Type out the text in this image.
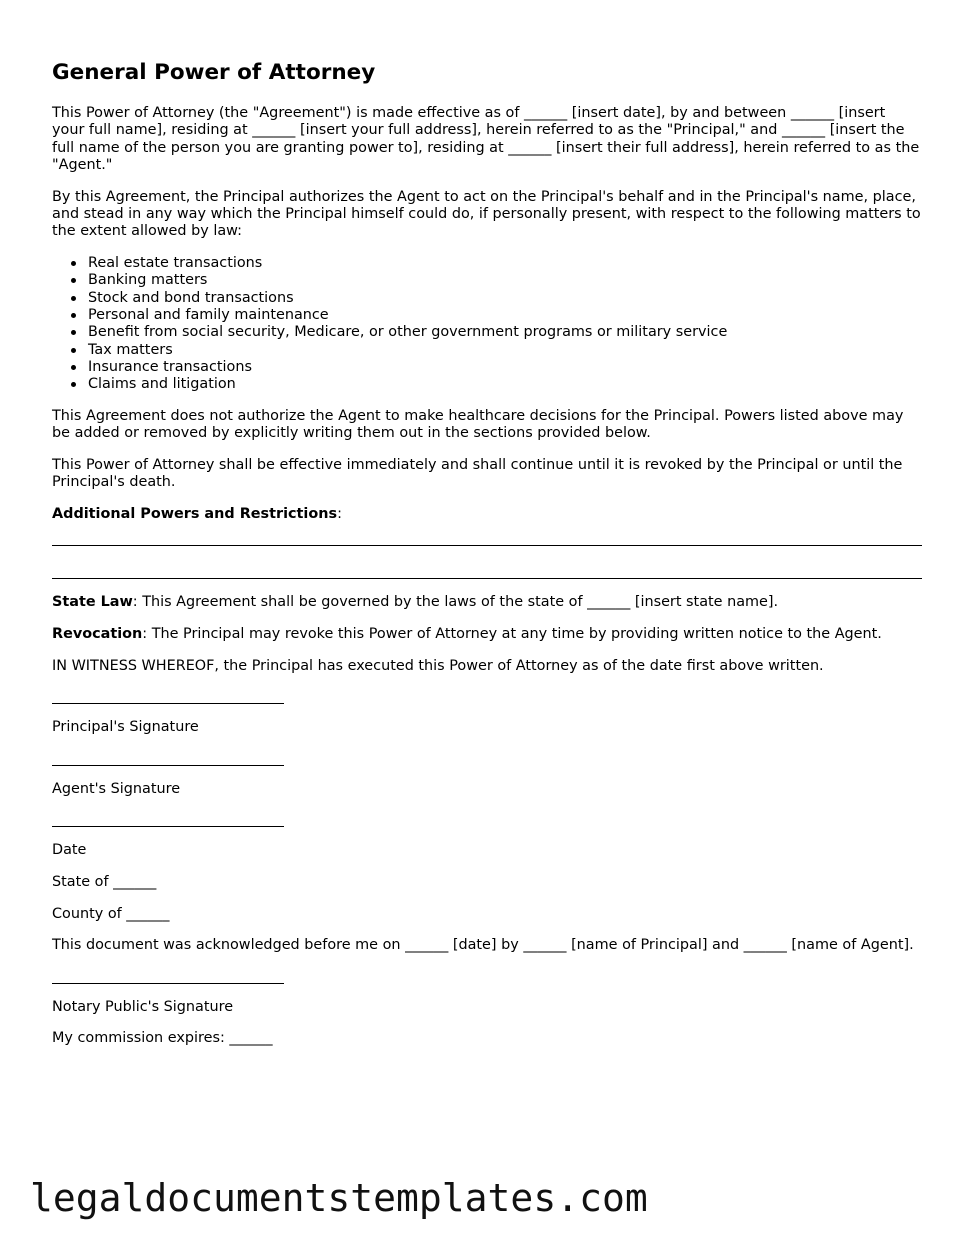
General Power of Attorney

This Power of Attorney (the "Agreement") is made effective as of ______ [insert date], by and between ______ [insert your full name], residing at ______ [insert your full address], herein referred to as the "Principal," and ______ [insert the full name of the person you are granting power to], residing at ______ [insert their full address], herein referred to as the "Agent."

By this Agreement, the Principal authorizes the Agent to act on the Principal's behalf and in the Principal's name, place, and stead in any way which the Principal himself could do, if personally present, with respect to the following matters to the extent allowed by law:

Real estate transactions
Banking matters
Stock and bond transactions
Personal and family maintenance
Benefit from social security, Medicare, or other government programs or military service
Tax matters
Insurance transactions
Claims and litigation

This Agreement does not authorize the Agent to make healthcare decisions for the Principal. Powers listed above may be added or removed by explicitly writing them out in the sections provided below.

This Power of Attorney shall be effective immediately and shall continue until it is revoked by the Principal or until the Principal's death.

Additional Powers and Restrictions:

State Law: This Agreement shall be governed by the laws of the state of ______ [insert state name].

Revocation: The Principal may revoke this Power of Attorney at any time by providing written notice to the Agent.

IN WITNESS WHEREOF, the Principal has executed this Power of Attorney as of the date first above written.

Principal's Signature

Agent's Signature

Date

State of ______

County of ______

This document was acknowledged before me on ______ [date] by ______ [name of Principal] and ______ [name of Agent].

Notary Public's Signature

My commission expires: ______

legaldocumentstemplates.com
